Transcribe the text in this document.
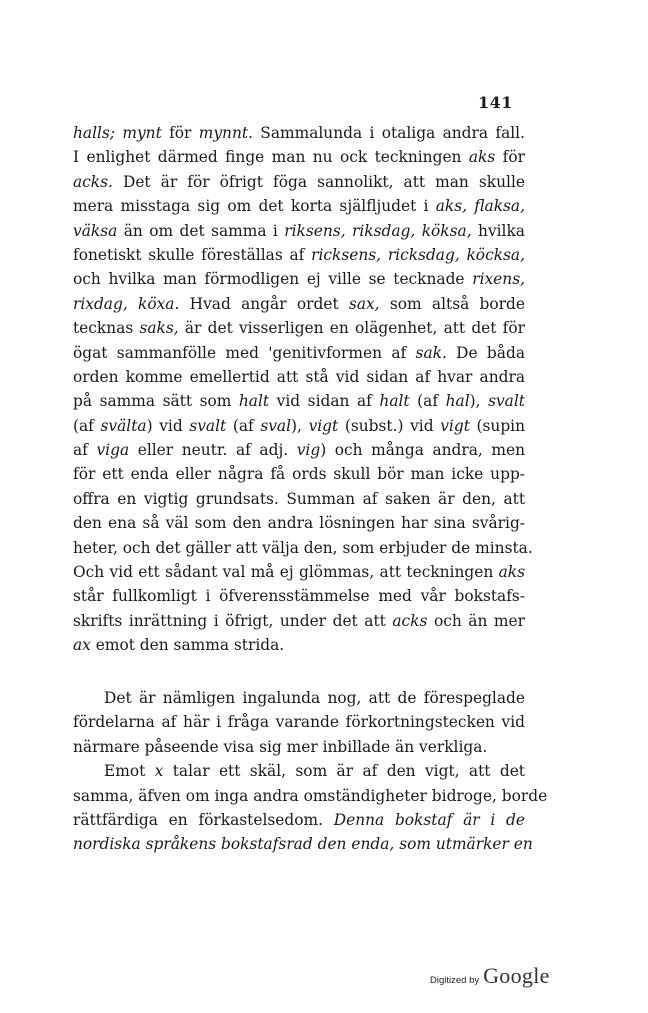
141
halls; mynt för mynnt. Sammalunda i otaliga andra fall.
I enlighet därmed finge man nu ock teckningen aks för
acks. Det är för öfrigt föga sannolikt, att man skulle
mera misstaga sig om det korta själfljudet i aks, flaksa,
väksa än om det samma i riksens, riksdag, köksa, hvilka
fonetiskt skulle föreställas af ricksens, ricksdag, köcksa,
och hvilka man förmodligen ej ville se tecknade rixens,
rixdag, köxa. Hvad angår ordet sax, som altså borde
tecknas saks, är det visserligen en olägenhet, att det för
ögat sammanfölle med 'genitivformen af sak. De båda
orden komme emellertid att stå vid sidan af hvar andra
på samma sätt som halt vid sidan af halt (af hal), svalt
(af svälta) vid svalt (af sval), vigt (subst.) vid vigt (supin
af viga eller neutr. af adj. vig) och många andra, men
för ett enda eller några få ords skull bör man icke upp-
offra en vigtig grundsats. Summan af saken är den, att
den ena så väl som den andra lösningen har sina svårig-
heter, och det gäller att välja den, som erbjuder de minsta.
Och vid ett sådant val må ej glömmas, att teckningen aks
står fullkomligt i öfverensstämmelse med vår bokstafs-
skrifts inrättning i öfrigt, under det att acks och än mer
ax emot den samma strida.
Det är nämligen ingalunda nog, att de förespeglade
fördelarna af här i fråga varande förkortningstecken vid
närmare påseende visa sig mer inbillade än verkliga.
Emot x talar ett skäl, som är af den vigt, att det
samma, äfven om inga andra omständigheter bidroge, borde
rättfärdiga en förkastelsedom. Denna bokstaf är i de
nordiska språkens bokstafsrad den enda, som utmärker en
Digitized by Google
